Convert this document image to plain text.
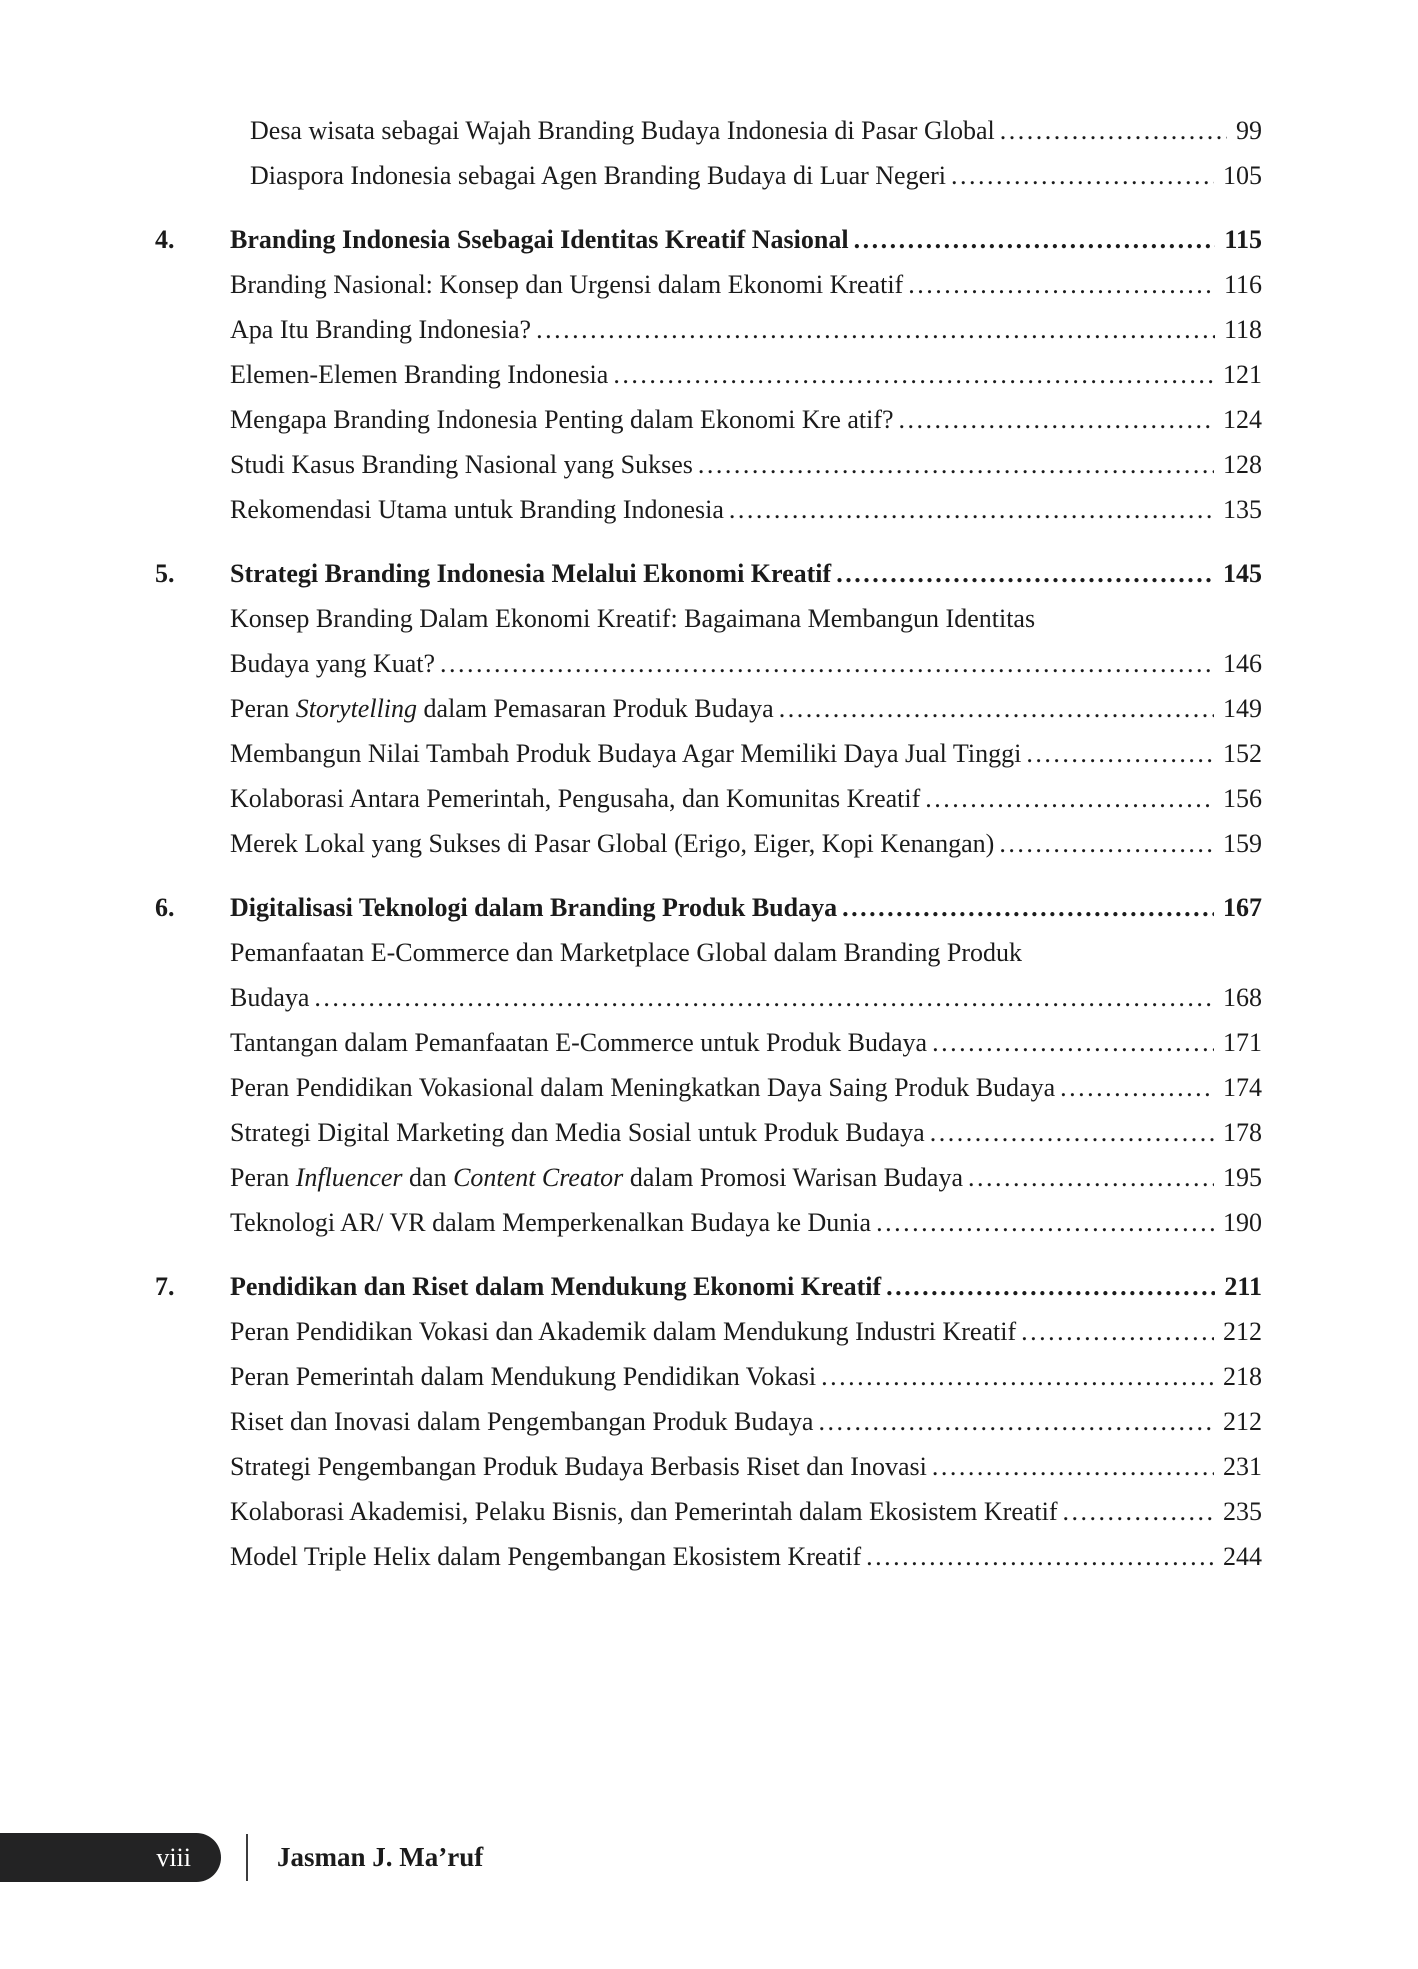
Desa wisata sebagai Wajah Branding Budaya Indonesia di Pasar Global .....	99
Diaspora Indonesia sebagai Agen Branding Budaya di Luar Negeri .....	105
4.	Branding Indonesia Ssebagai Identitas Kreatif Nasional .....	115
Branding Nasional: Konsep dan Urgensi dalam Ekonomi Kreatif .....	116
Apa Itu Branding Indonesia? .....	118
Elemen-Elemen Branding Indonesia .....	121
Mengapa Branding Indonesia Penting dalam Ekonomi Kre atif? .....	124
Studi Kasus Branding Nasional yang Sukses .....	128
Rekomendasi Utama untuk Branding Indonesia .....	135
5.	Strategi Branding Indonesia Melalui Ekonomi Kreatif .....	145
Konsep Branding Dalam Ekonomi Kreatif: Bagaimana Membangun Identitas
Budaya yang Kuat? .....	146
Peran Storytelling dalam Pemasaran Produk Budaya .....	149
Membangun Nilai Tambah Produk Budaya Agar Memiliki Daya Jual Tinggi .....	152
Kolaborasi Antara Pemerintah, Pengusaha, dan Komunitas Kreatif .....	156
Merek Lokal yang Sukses di Pasar Global (Erigo, Eiger, Kopi Kenangan) .....	159
6.	Digitalisasi Teknologi dalam Branding Produk Budaya .....	167
Pemanfaatan E-Commerce dan Marketplace Global dalam Branding Produk
Budaya .....	168
Tantangan dalam Pemanfaatan E-Commerce untuk Produk Budaya .....	171
Peran Pendidikan Vokasional dalam Meningkatkan Daya Saing Produk Budaya .....	174
Strategi Digital Marketing dan Media Sosial untuk Produk Budaya .....	178
Peran Influencer dan Content Creator dalam Promosi Warisan Budaya .....	195
Teknologi AR/ VR dalam Memperkenalkan Budaya ke Dunia .....	190
7.	Pendidikan dan Riset dalam Mendukung Ekonomi Kreatif .....	211
Peran Pendidikan Vokasi dan Akademik dalam Mendukung Industri Kreatif .....	212
Peran Pemerintah dalam Mendukung Pendidikan Vokasi .....	218
Riset dan Inovasi dalam Pengembangan Produk Budaya .....	212
Strategi Pengembangan Produk Budaya Berbasis Riset dan Inovasi .....	231
Kolaborasi Akademisi, Pelaku Bisnis, dan Pemerintah dalam Ekosistem Kreatif .....	235
Model Triple Helix dalam Pengembangan Ekosistem Kreatif .....	244
viii	Jasman J. Ma’ruf
